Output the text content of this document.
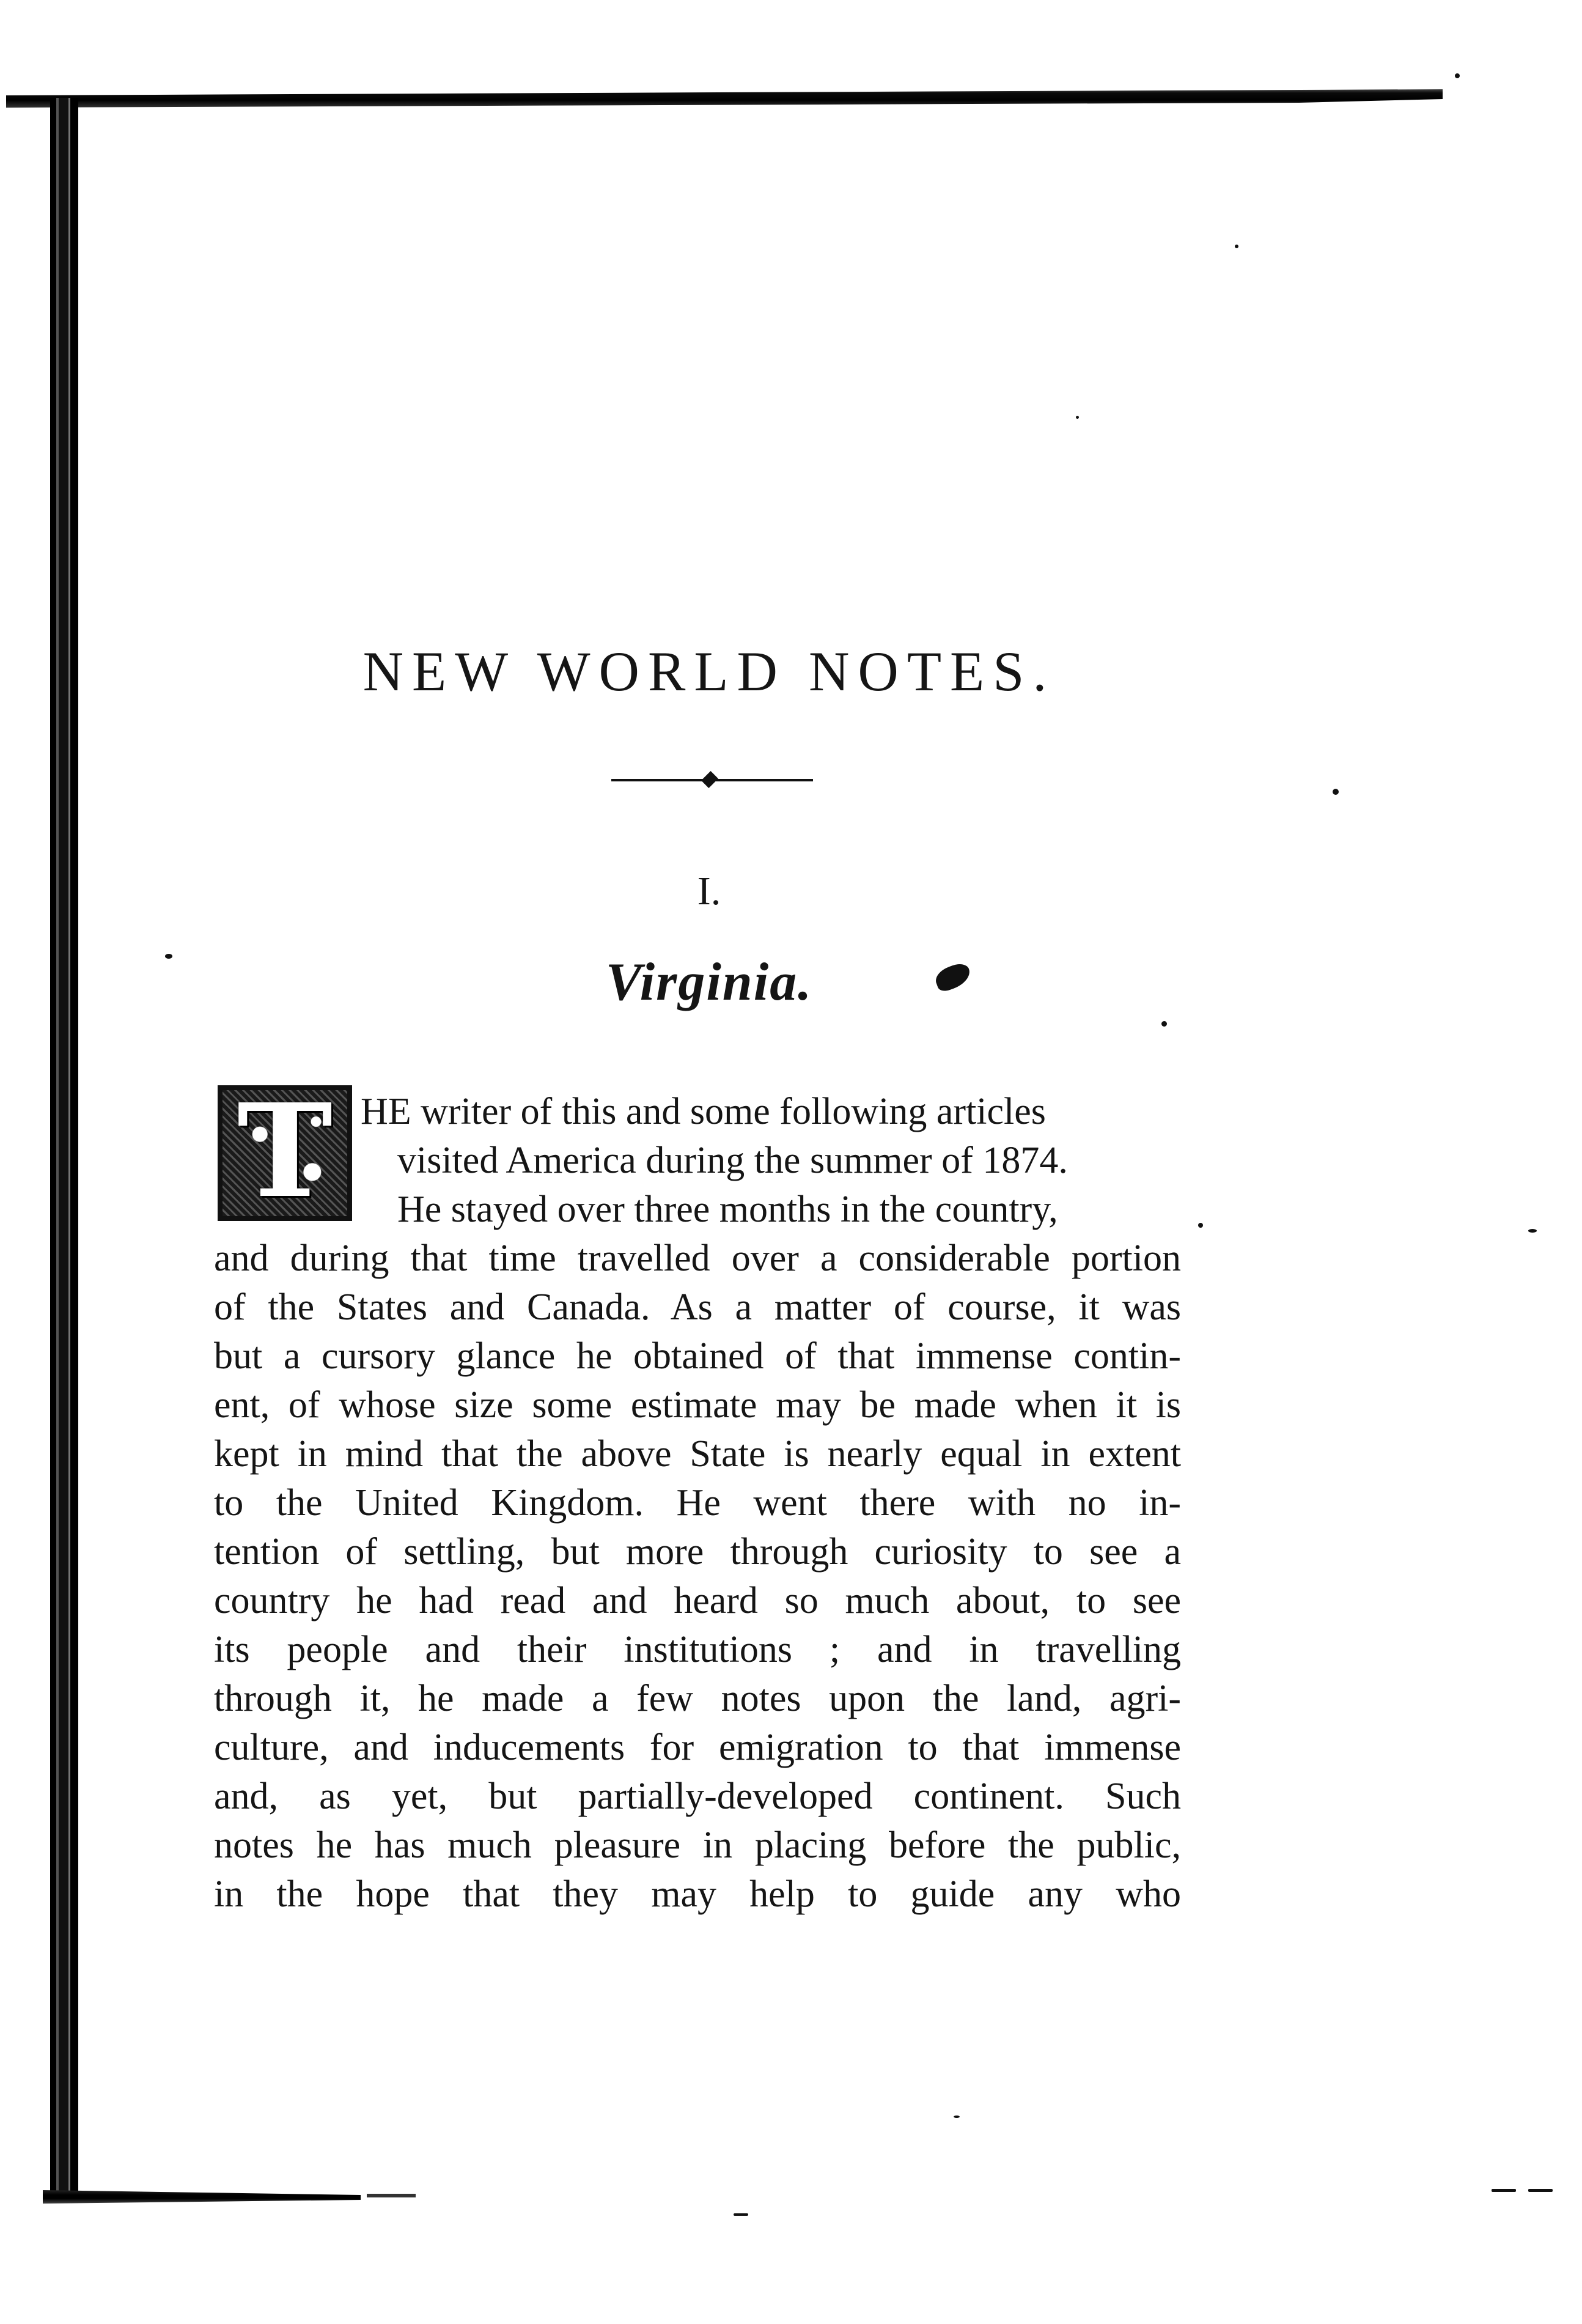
NEW WORLD NOTES.
I.
Virginia.
T HE writer of this and some following articles
visited America during the summer of 1874.
He stayed over three months in the country,
and during that time travelled over a considerable portion
of the States and Canada. As a matter of course, it was
but a cursory glance he obtained of that immense contin-
ent, of whose size some estimate may be made when it is
kept in mind that the above State is nearly equal in extent
to the United Kingdom. He went there with no in-
tention of settling, but more through curiosity to see a
country he had read and heard so much about, to see
its people and their institutions ; and in travelling
through it, he made a few notes upon the land, agri-
culture, and inducements for emigration to that immense
and, as yet, but partially-developed continent. Such
notes he has much pleasure in placing before the public,
in the hope that they may help to guide any who
